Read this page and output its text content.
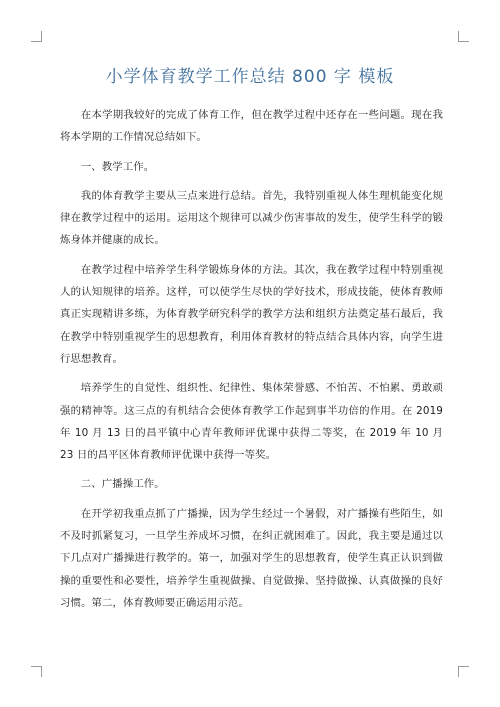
小学体育教学工作总结 800 字 模板

在本学期我较好的完成了体育工作，但在教学过程中还存在一些问题。现在我将本学期的工作情况总结如下。

一、教学工作。

我的体育教学主要从三点来进行总结。首先，我特别重视人体生理机能变化规律在教学过程中的运用。运用这个规律可以减少伤害事故的发生，使学生科学的锻炼身体并健康的成长。

在教学过程中培养学生科学锻炼身体的方法。其次，我在教学过程中特别重视人的认知规律的培养。这样，可以使学生尽快的学好技术，形成技能，使体育教师真正实现精讲多练，为体育教学研究科学的教学方法和组织方法奠定基石最后，我在教学中特别重视学生的思想教育，利用体育教材的特点结合具体内容，向学生进行思想教育。

培养学生的自觉性、组织性、纪律性、集体荣誉感、不怕苦、不怕累、勇敢顽强的精神等。这三点的有机结合会使体育教学工作起到事半功倍的作用。在 2019 年 10 月 13 日的昌平镇中心青年教师评优课中获得二等奖，在 2019 年 10 月 23 日的昌平区体育教师评优课中获得一等奖。

二、广播操工作。

在开学初我重点抓了广播操，因为学生经过一个暑假，对广播操有些陌生，如不及时抓紧复习，一旦学生养成坏习惯，在纠正就困难了。因此，我主要是通过以下几点对广播操进行教学的。第一，加强对学生的思想教育，使学生真正认识到做操的重要性和必要性，培养学生重视做操、自觉做操、坚持做操、认真做操的良好习惯。第二，体育教师要正确运用示范。
